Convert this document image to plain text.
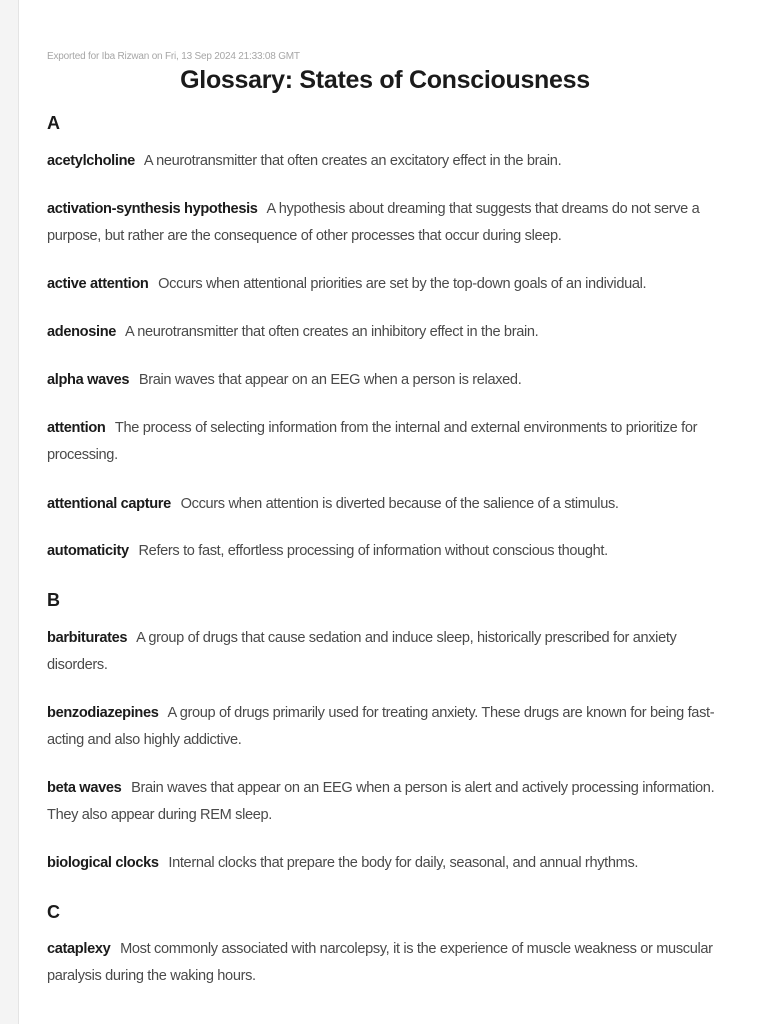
Exported for Iba Rizwan on Fri, 13 Sep 2024 21:33:08 GMT
Glossary: States of Consciousness
A

acetylcholine A neurotransmitter that often creates an excitatory effect in the brain.

activation-synthesis hypothesis A hypothesis about dreaming that suggests that dreams do not serve a purpose, but rather are the consequence of other processes that occur during sleep.

active attention Occurs when attentional priorities are set by the top-down goals of an individual.

adenosine A neurotransmitter that often creates an inhibitory effect in the brain.

alpha waves Brain waves that appear on an EEG when a person is relaxed.

attention The process of selecting information from the internal and external environments to prioritize for processing.

attentional capture Occurs when attention is diverted because of the salience of a stimulus.

automaticity Refers to fast, effortless processing of information without conscious thought.

B

barbiturates A group of drugs that cause sedation and induce sleep, historically prescribed for anxiety disorders.

benzodiazepines A group of drugs primarily used for treating anxiety. These drugs are known for being fast-acting and also highly addictive.

beta waves Brain waves that appear on an EEG when a person is alert and actively processing information. They also appear during REM sleep.

biological clocks Internal clocks that prepare the body for daily, seasonal, and annual rhythms.

C

cataplexy Most commonly associated with narcolepsy, it is the experience of muscle weakness or muscular paralysis during the waking hours.
